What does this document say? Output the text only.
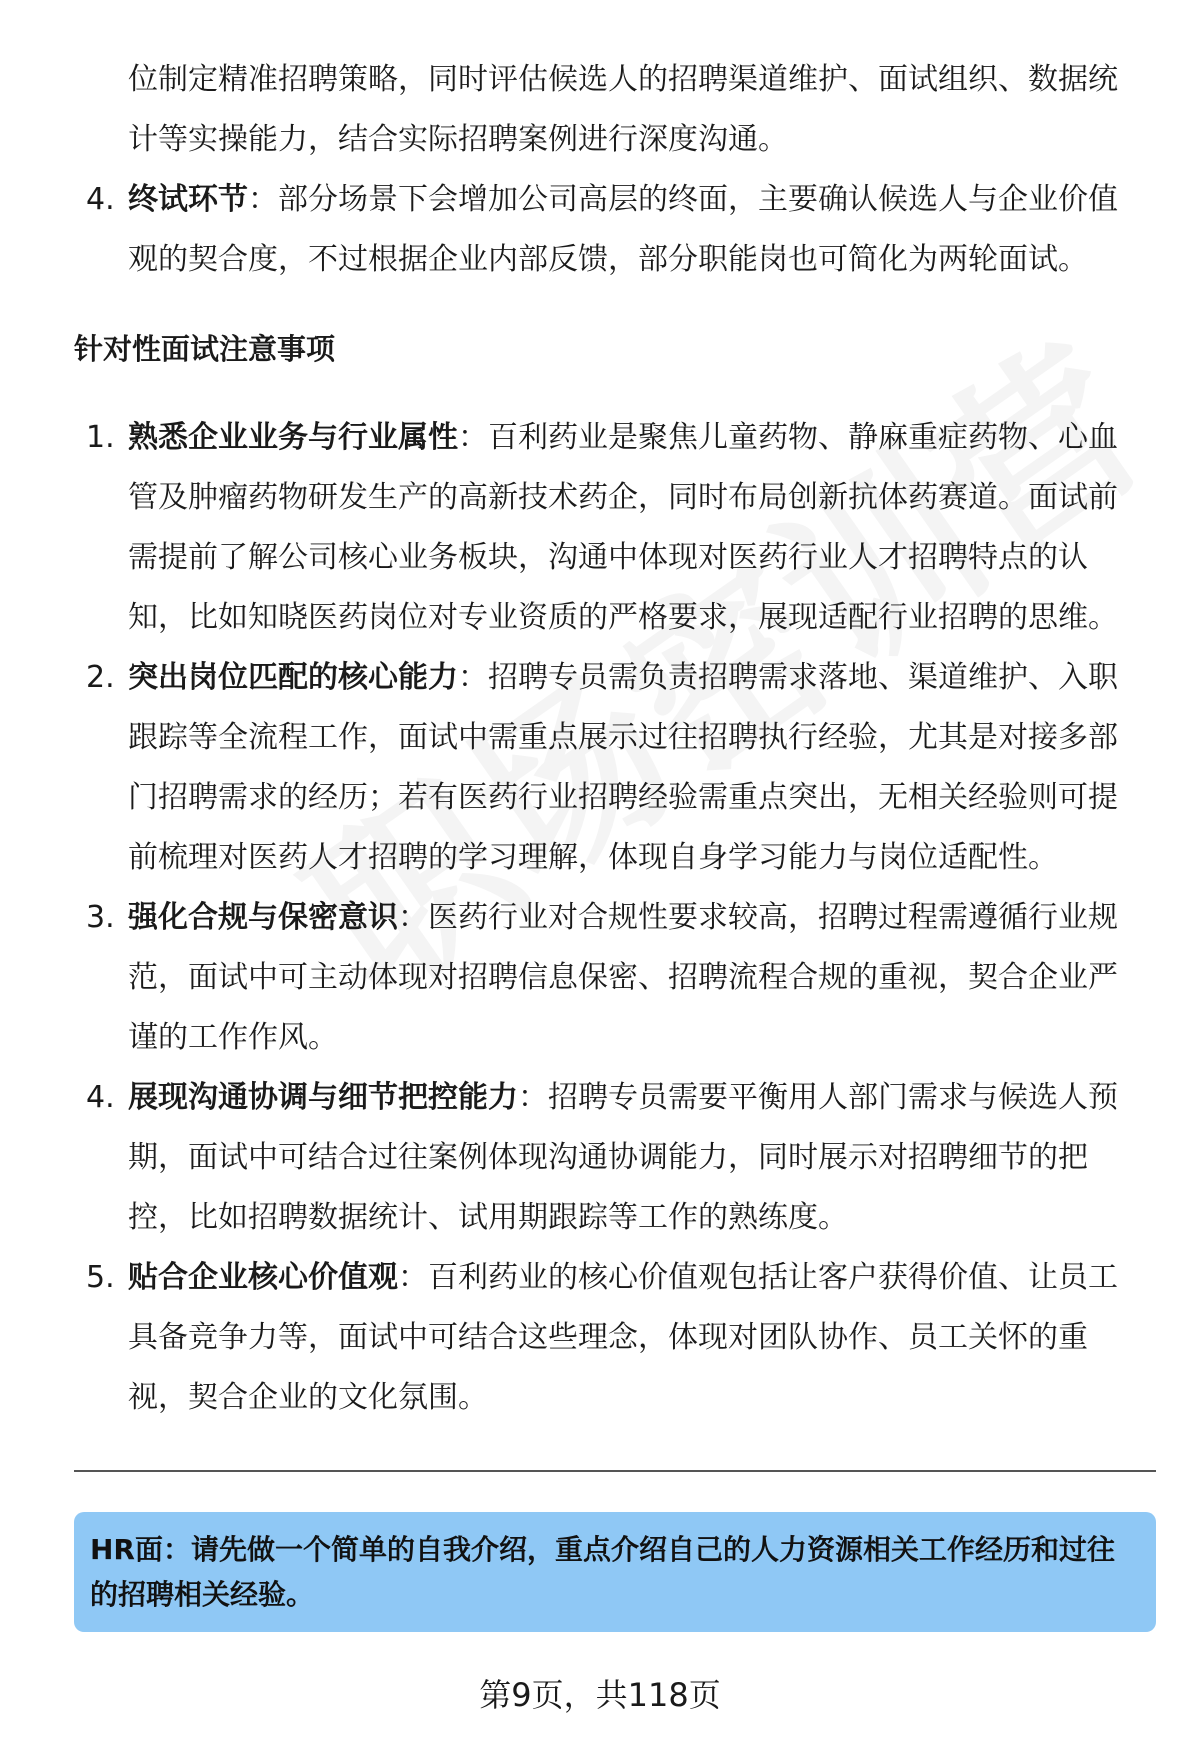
位制定精准招聘策略，同时评估候选人的招聘渠道维护、面试组织、数据统计等实操能力，结合实际招聘案例进行深度沟通。
4. 终试环节：部分场景下会增加公司高层的终面，主要确认候选人与企业价值观的契合度，不过根据企业内部反馈，部分职能岗也可简化为两轮面试。
针对性面试注意事项
1. 熟悉企业业务与行业属性：百利药业是聚焦儿童药物、静麻重症药物、心血管及肿瘤药物研发生产的高新技术药企，同时布局创新抗体药赛道。面试前需提前了解公司核心业务板块，沟通中体现对医药行业人才招聘特点的认知，比如知晓医药岗位对专业资质的严格要求，展现适配行业招聘的思维。
2. 突出岗位匹配的核心能力：招聘专员需负责招聘需求落地、渠道维护、入职跟踪等全流程工作，面试中需重点展示过往招聘执行经验，尤其是对接多部门招聘需求的经历；若有医药行业招聘经验需重点突出，无相关经验则可提前梳理对医药人才招聘的学习理解，体现自身学习能力与岗位适配性。
3. 强化合规与保密意识：医药行业对合规性要求较高，招聘过程需遵循行业规范，面试中可主动体现对招聘信息保密、招聘流程合规的重视，契合企业严谨的工作作风。
4. 展现沟通协调与细节把控能力：招聘专员需要平衡用人部门需求与候选人预期，面试中可结合过往案例体现沟通协调能力，同时展示对招聘细节的把控，比如招聘数据统计、试用期跟踪等工作的熟练度。
5. 贴合企业核心价值观：百利药业的核心价值观包括让客户获得价值、让员工具备竞争力等，面试中可结合这些理念，体现对团队协作、员工关怀的重视，契合企业的文化氛围。
HR面：请先做一个简单的自我介绍，重点介绍自己的人力资源相关工作经历和过往的招聘相关经验。
第9页，共118页
